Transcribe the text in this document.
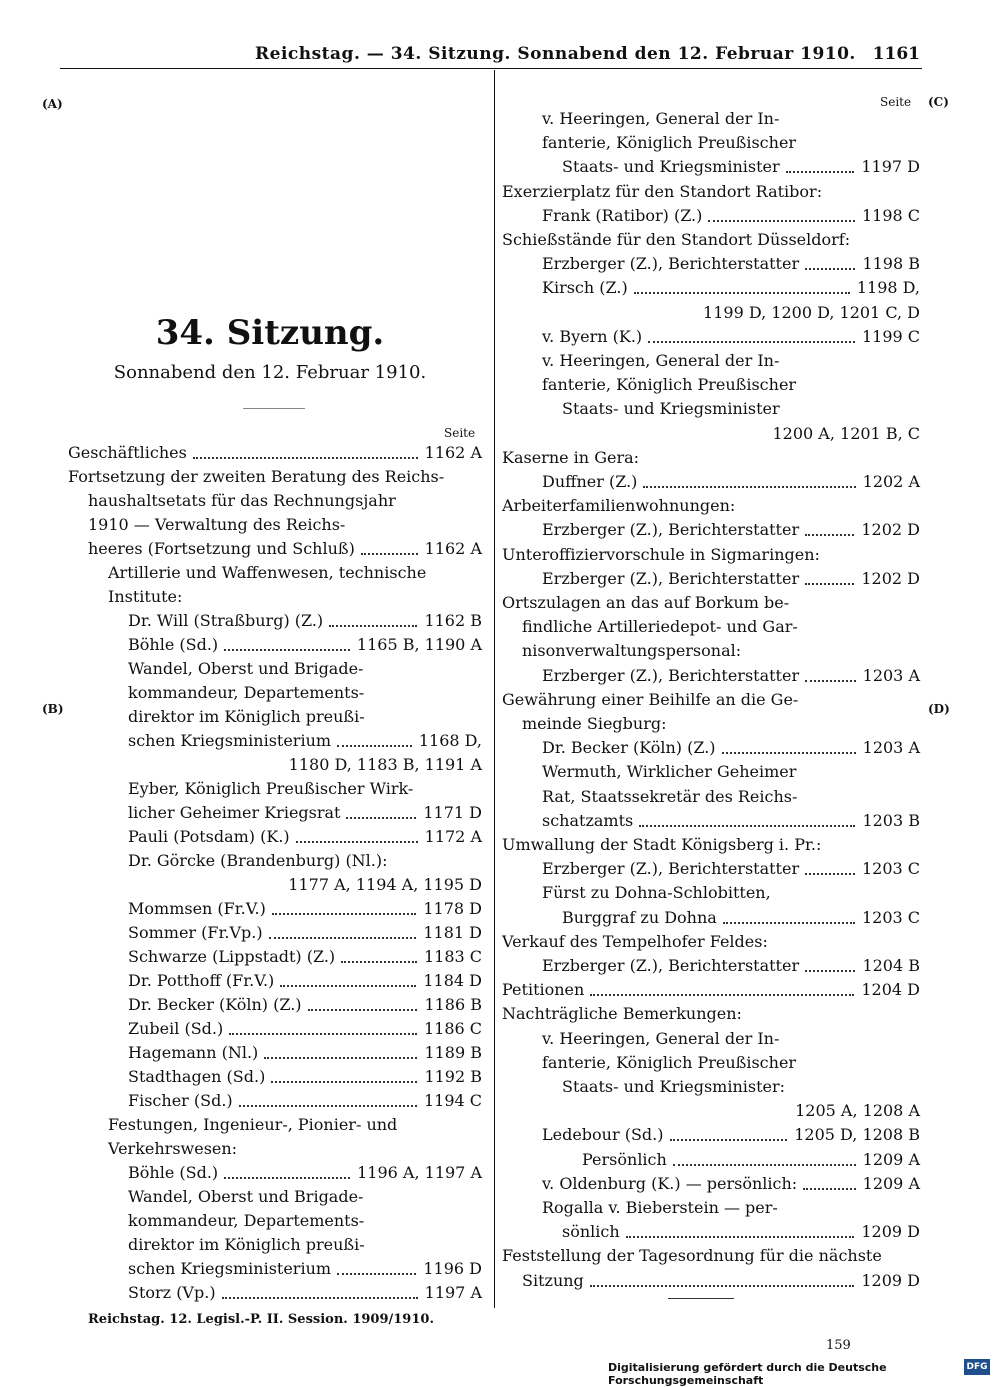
Reichstag. — 34. Sitzung. Sonnabend den 12. Februar 1910. 1161
(A)
(B)
(C)
(D)
34. Sitzung.
Sonnabend den 12. Februar 1910.
Seite
Seite
Reichstag. 12. Legisl.-P. II. Session. 1909/1910.
159
Digitalisierung gefördert durch die Deutsche Forschungsgemeinschaft
DFG
Geschäftliches	1162 A
Fortsetzung der zweiten Beratung des Reichs-
haushaltsetats für das Rechnungsjahr
1910 — Verwaltung des Reichs-
heeres (Fortsetzung und Schluß)	1162 A
Artillerie und Waffenwesen, technische
Institute:
Dr. Will (Straßburg) (Z.)	1162 B
Böhle (Sd.)	1165 B, 1190 A
Wandel, Oberst und Brigade-
kommandeur, Departements-
direktor im Königlich preußi-
schen Kriegsministerium	1168 D,
1180 D, 1183 B, 1191 A
Eyber, Königlich Preußischer Wirk-
licher Geheimer Kriegsrat	1171 D
Pauli (Potsdam) (K.)	1172 A
Dr. Görcke (Brandenburg) (Nl.):
1177 A, 1194 A, 1195 D
Mommsen (Fr.V.)	1178 D
Sommer (Fr.Vp.)	1181 D
Schwarze (Lippstadt) (Z.)	1183 C
Dr. Potthoff (Fr.V.)	1184 D
Dr. Becker (Köln) (Z.)	1186 B
Zubeil (Sd.)	1186 C
Hagemann (Nl.)	1189 B
Stadthagen (Sd.)	1192 B
Fischer (Sd.)	1194 C
Festungen, Ingenieur-, Pionier- und
Verkehrswesen:
Böhle (Sd.)	1196 A, 1197 A
Wandel, Oberst und Brigade-
kommandeur, Departements-
direktor im Königlich preußi-
schen Kriegsministerium	1196 D
Storz (Vp.)	1197 A
v. Heeringen, General der In-
fanterie, Königlich Preußischer
Staats- und Kriegsminister	1197 D
Exerzierplatz für den Standort Ratibor:
Frank (Ratibor) (Z.)	1198 C
Schießstände für den Standort Düsseldorf:
Erzberger (Z.), Berichterstatter	1198 B
Kirsch (Z.)	1198 D,
1199 D, 1200 D, 1201 C, D
v. Byern (K.)	1199 C
v. Heeringen, General der In-
fanterie, Königlich Preußischer
Staats- und Kriegsminister
1200 A, 1201 B, C
Kaserne in Gera:
Duffner (Z.)	1202 A
Arbeiterfamilienwohnungen:
Erzberger (Z.), Berichterstatter	1202 D
Unteroffiziervorschule in Sigmaringen:
Erzberger (Z.), Berichterstatter	1202 D
Ortszulagen an das auf Borkum be-
findliche Artilleriedepot- und Gar-
nisonverwaltungspersonal:
Erzberger (Z.), Berichterstatter	1203 A
Gewährung einer Beihilfe an die Ge-
meinde Siegburg:
Dr. Becker (Köln) (Z.)	1203 A
Wermuth, Wirklicher Geheimer
Rat, Staatssekretär des Reichs-
schatzamts	1203 B
Umwallung der Stadt Königsberg i. Pr.:
Erzberger (Z.), Berichterstatter	1203 C
Fürst zu Dohna-Schlobitten,
Burggraf zu Dohna	1203 C
Verkauf des Tempelhofer Feldes:
Erzberger (Z.), Berichterstatter	1204 B
Petitionen	1204 D
Nachträgliche Bemerkungen:
v. Heeringen, General der In-
fanterie, Königlich Preußischer
Staats- und Kriegsminister:
1205 A, 1208 A
Ledebour (Sd.)	1205 D, 1208 B
Persönlich	1209 A
v. Oldenburg (K.) — persönlich:	1209 A
Rogalla v. Bieberstein — per-
sönlich	1209 D
Feststellung der Tagesordnung für die nächste
Sitzung	1209 D
